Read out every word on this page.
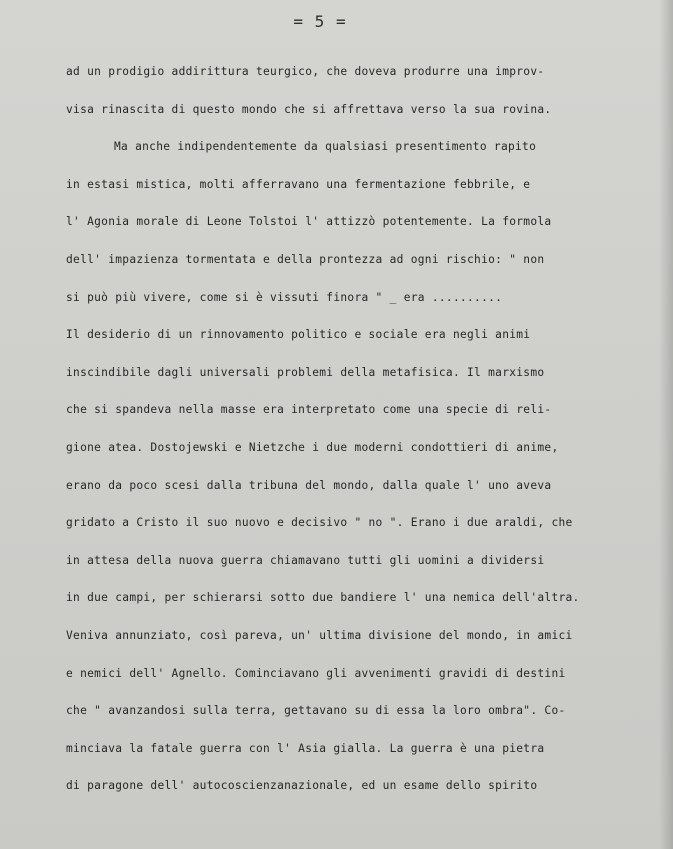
= 5 =
ad un prodigio addirittura teurgico, che doveva produrre una improv-
visa rinascita di questo mondo che si affrettava verso la sua rovina.
Ma anche indipendentemente da qualsiasi presentimento rapito
in estasi mistica, molti afferravano una fermentazione febbrile, e
l' Agonia morale di Leone Tolstoi l' attizzò potentemente. La formola
dell' impazienza tormentata e della prontezza ad ogni rischio: " non
si può più vivere, come si è vissuti finora " _ era ..........
Il desiderio di un rinnovamento politico e sociale era negli animi
inscindibile dagli universali problemi della metafisica. Il marxismo
che si spandeva nella masse era interpretato come una specie di reli-
gione atea. Dostojewski e Nietzche i due moderni condottieri di anime,
erano da poco scesi dalla tribuna del mondo, dalla quale l' uno aveva
gridato a Cristo il suo nuovo e decisivo " no ". Erano i due araldi, che
in attesa della nuova guerra chiamavano tutti gli uomini a dividersi
in due campi, per schierarsi sotto due bandiere l' una nemica dell'altra.
Veniva annunziato, così pareva, un' ultima divisione del mondo, in amici
e nemici dell' Agnello. Cominciavano gli avvenimenti gravidi di destini
che " avanzandosi sulla terra, gettavano su di essa la loro ombra". Co-
minciava la fatale guerra con l' Asia gialla. La guerra è una pietra
di paragone dell' autocoscienzanazionale, ed un esame dello spirito
